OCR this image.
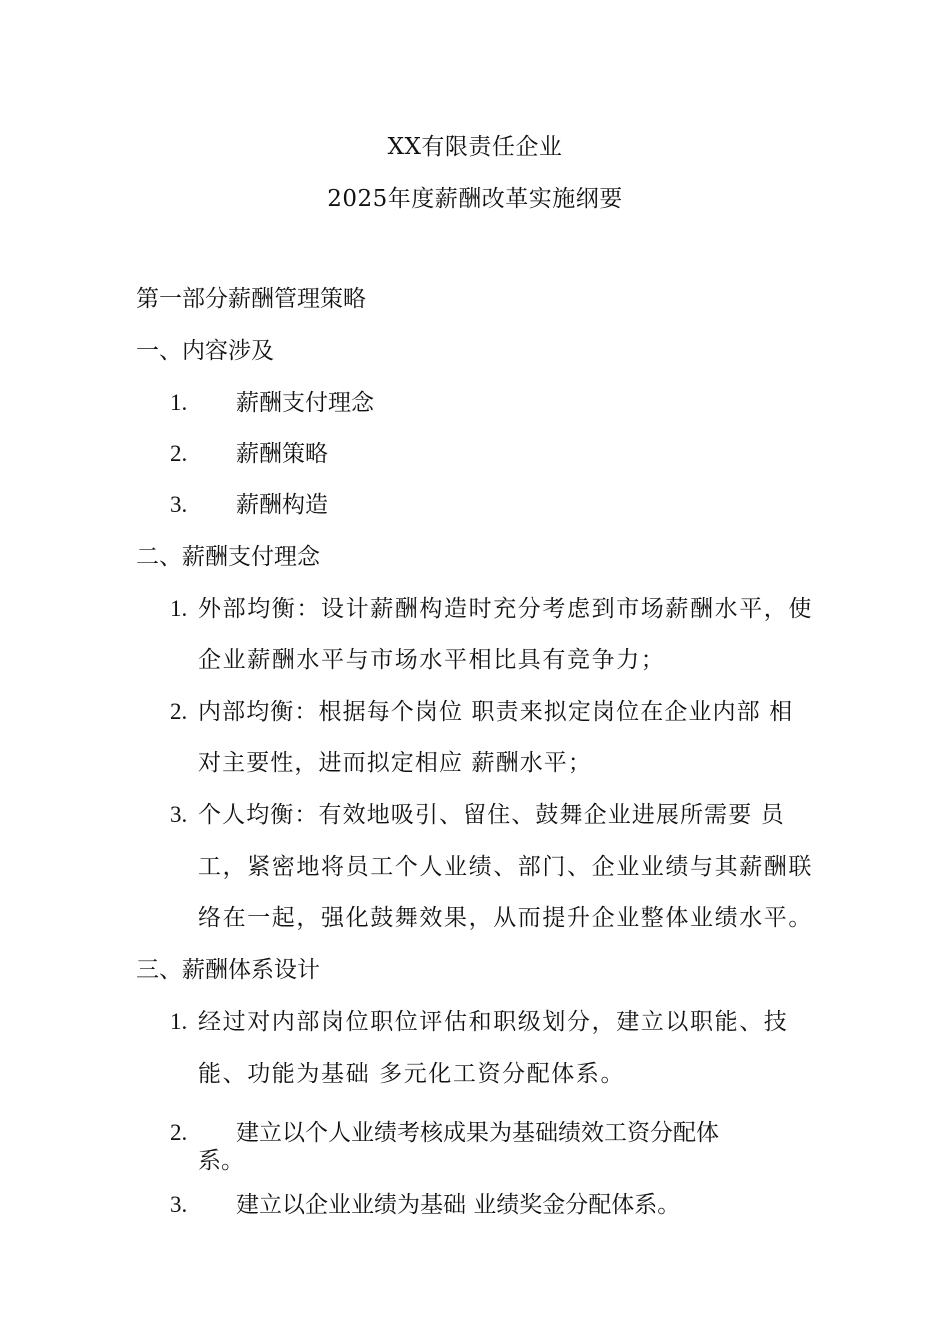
XX有限责任企业

2025年度薪酬改革实施纲要

第一部分薪酬管理策略

一、内容涉及

1. 薪酬支付理念
2. 薪酬策略
3. 薪酬构造

二、薪酬支付理念

1. 外部均衡：设计薪酬构造时充分考虑到市场薪酬水平，使
企业薪酬水平与市场水平相比具有竞争力；
2. 内部均衡：根据每个岗位 职责来拟定岗位在企业内部 相
对主要性，进而拟定相应 薪酬水平；
3. 个人均衡：有效地吸引、留住、鼓舞企业进展所需要 员
工，紧密地将员工个人业绩、部门、企业业绩与其薪酬联
络在一起，强化鼓舞效果，从而提升企业整体业绩水平。

三、薪酬体系设计

1. 经过对内部岗位职位评估和职级划分，建立以职能、技
能、功能为基础 多元化工资分配体系。
2. 建立以个人业绩考核成果为基础绩效工资分配体
系。
3. 建立以企业业绩为基础 业绩奖金分配体系。
